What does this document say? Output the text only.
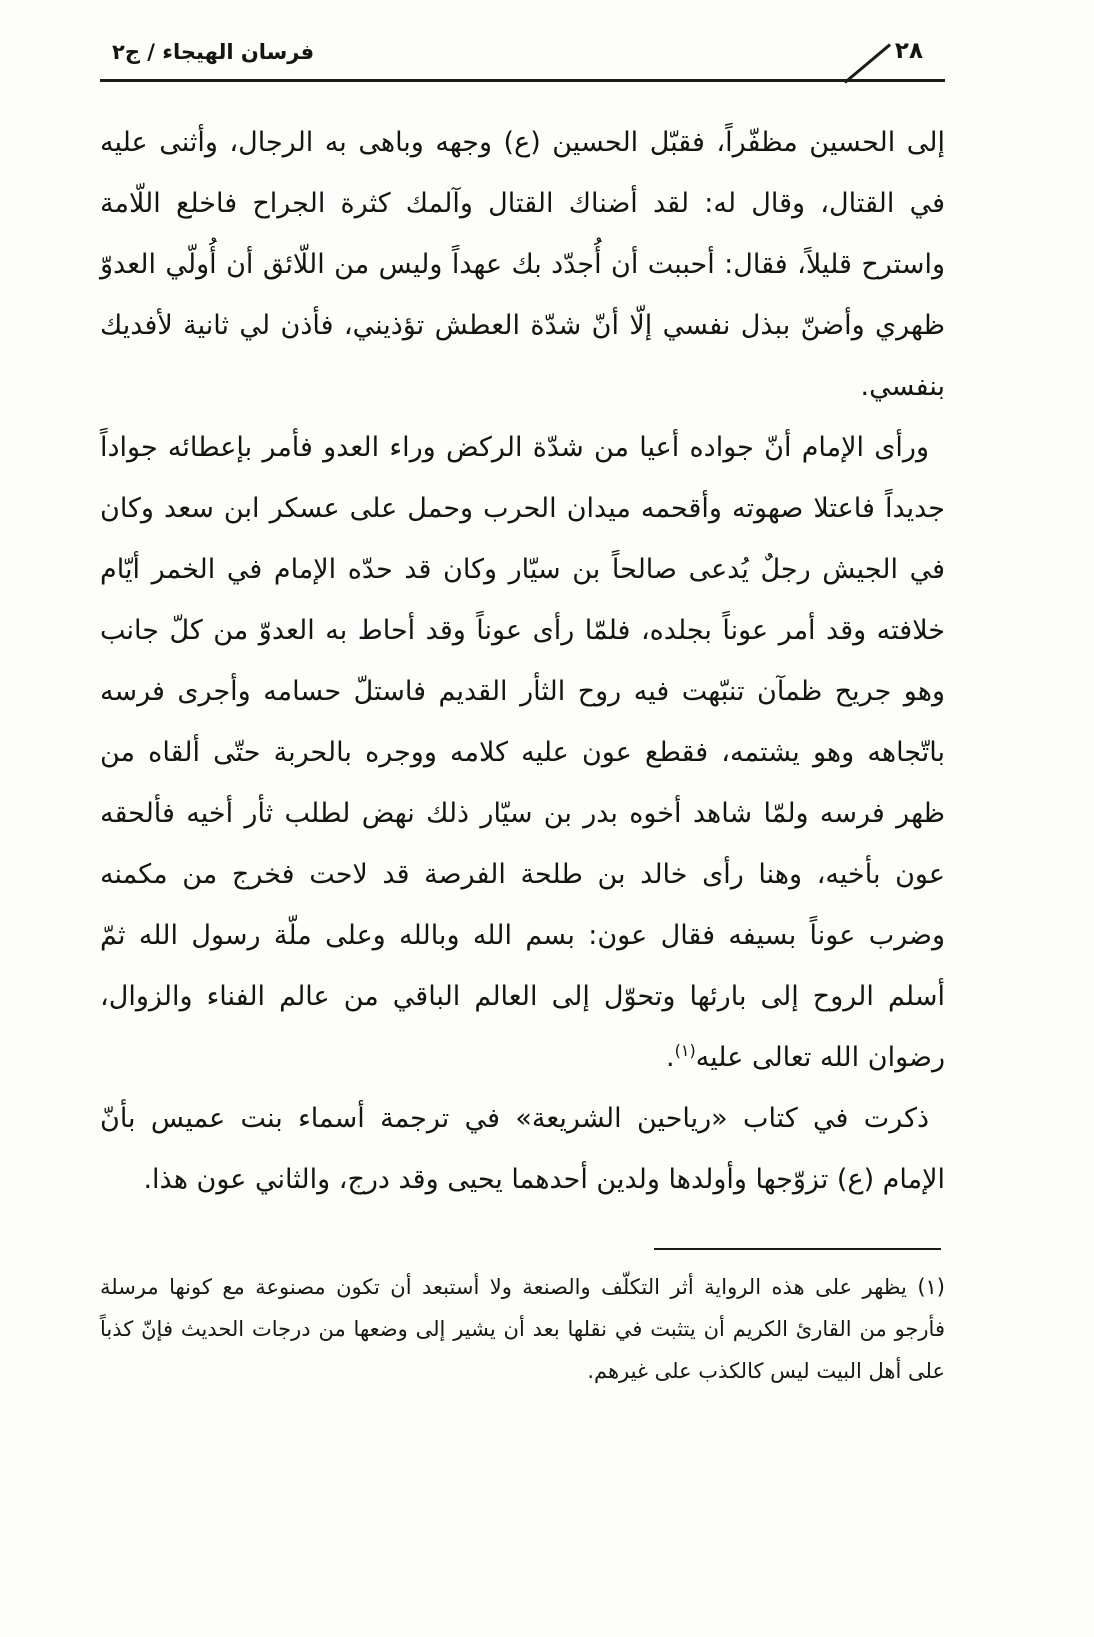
فرسان الهيجاء / ج٢	٢٨

إلى الحسين مظفّراً، فقبّل الحسين (ع) وجهه وباهى به الرجال، وأثنى عليه في القتال، وقال له: لقد أضناك القتال وآلمك كثرة الجراح فاخلع اللّامة واسترح قليلاً، فقال: أحببت أن أُجدّد بك عهداً وليس من اللّائق أن أُولّي العدوّ ظهري وأضنّ ببذل نفسي إلّا أنّ شدّة العطش تؤذيني، فأذن لي ثانية لأفديك بنفسي.

ورأى الإمام أنّ جواده أعيا من شدّة الركض وراء العدو فأمر بإعطائه جواداً جديداً فاعتلا صهوته وأقحمه ميدان الحرب وحمل على عسكر ابن سعد وكان في الجيش رجلٌ يُدعى صالحاً بن سيّار وكان قد حدّه الإمام في الخمر أيّام خلافته وقد أمر عوناً بجلده، فلمّا رأى عوناً وقد أحاط به العدوّ من كلّ جانب وهو جريح ظمآن تنبّهت فيه روح الثأر القديم فاستلّ حسامه وأجرى فرسه باتّجاهه وهو يشتمه، فقطع عون عليه كلامه ووجره بالحربة حتّى ألقاه من ظهر فرسه ولمّا شاهد أخوه بدر بن سيّار ذلك نهض لطلب ثأر أخيه فألحقه عون بأخيه، وهنا رأى خالد بن طلحة الفرصة قد لاحت فخرج من مكمنه وضرب عوناً بسيفه فقال عون: بسم الله وبالله وعلى ملّة رسول الله ثمّ أسلم الروح إلى بارئها وتحوّل إلى العالم الباقي من عالم الفناء والزوال، رضوان الله تعالى عليه$^{(١)}$.

ذكرت في كتاب «رياحين الشريعة» في ترجمة أسماء بنت عميس بأنّ الإمام (ع) تزوّجها وأولدها ولدين أحدهما يحيى وقد درج، والثاني عون هذا.

(١) يظهر على هذه الرواية أثر التكلّف والصنعة ولا أستبعد أن تكون مصنوعة مع كونها مرسلة فأرجو من القارئ الكريم أن يتثبت في نقلها بعد أن يشير إلى وضعها من درجات الحديث فإنّ كذباً على أهل البيت ليس كالكذب على غيرهم.
